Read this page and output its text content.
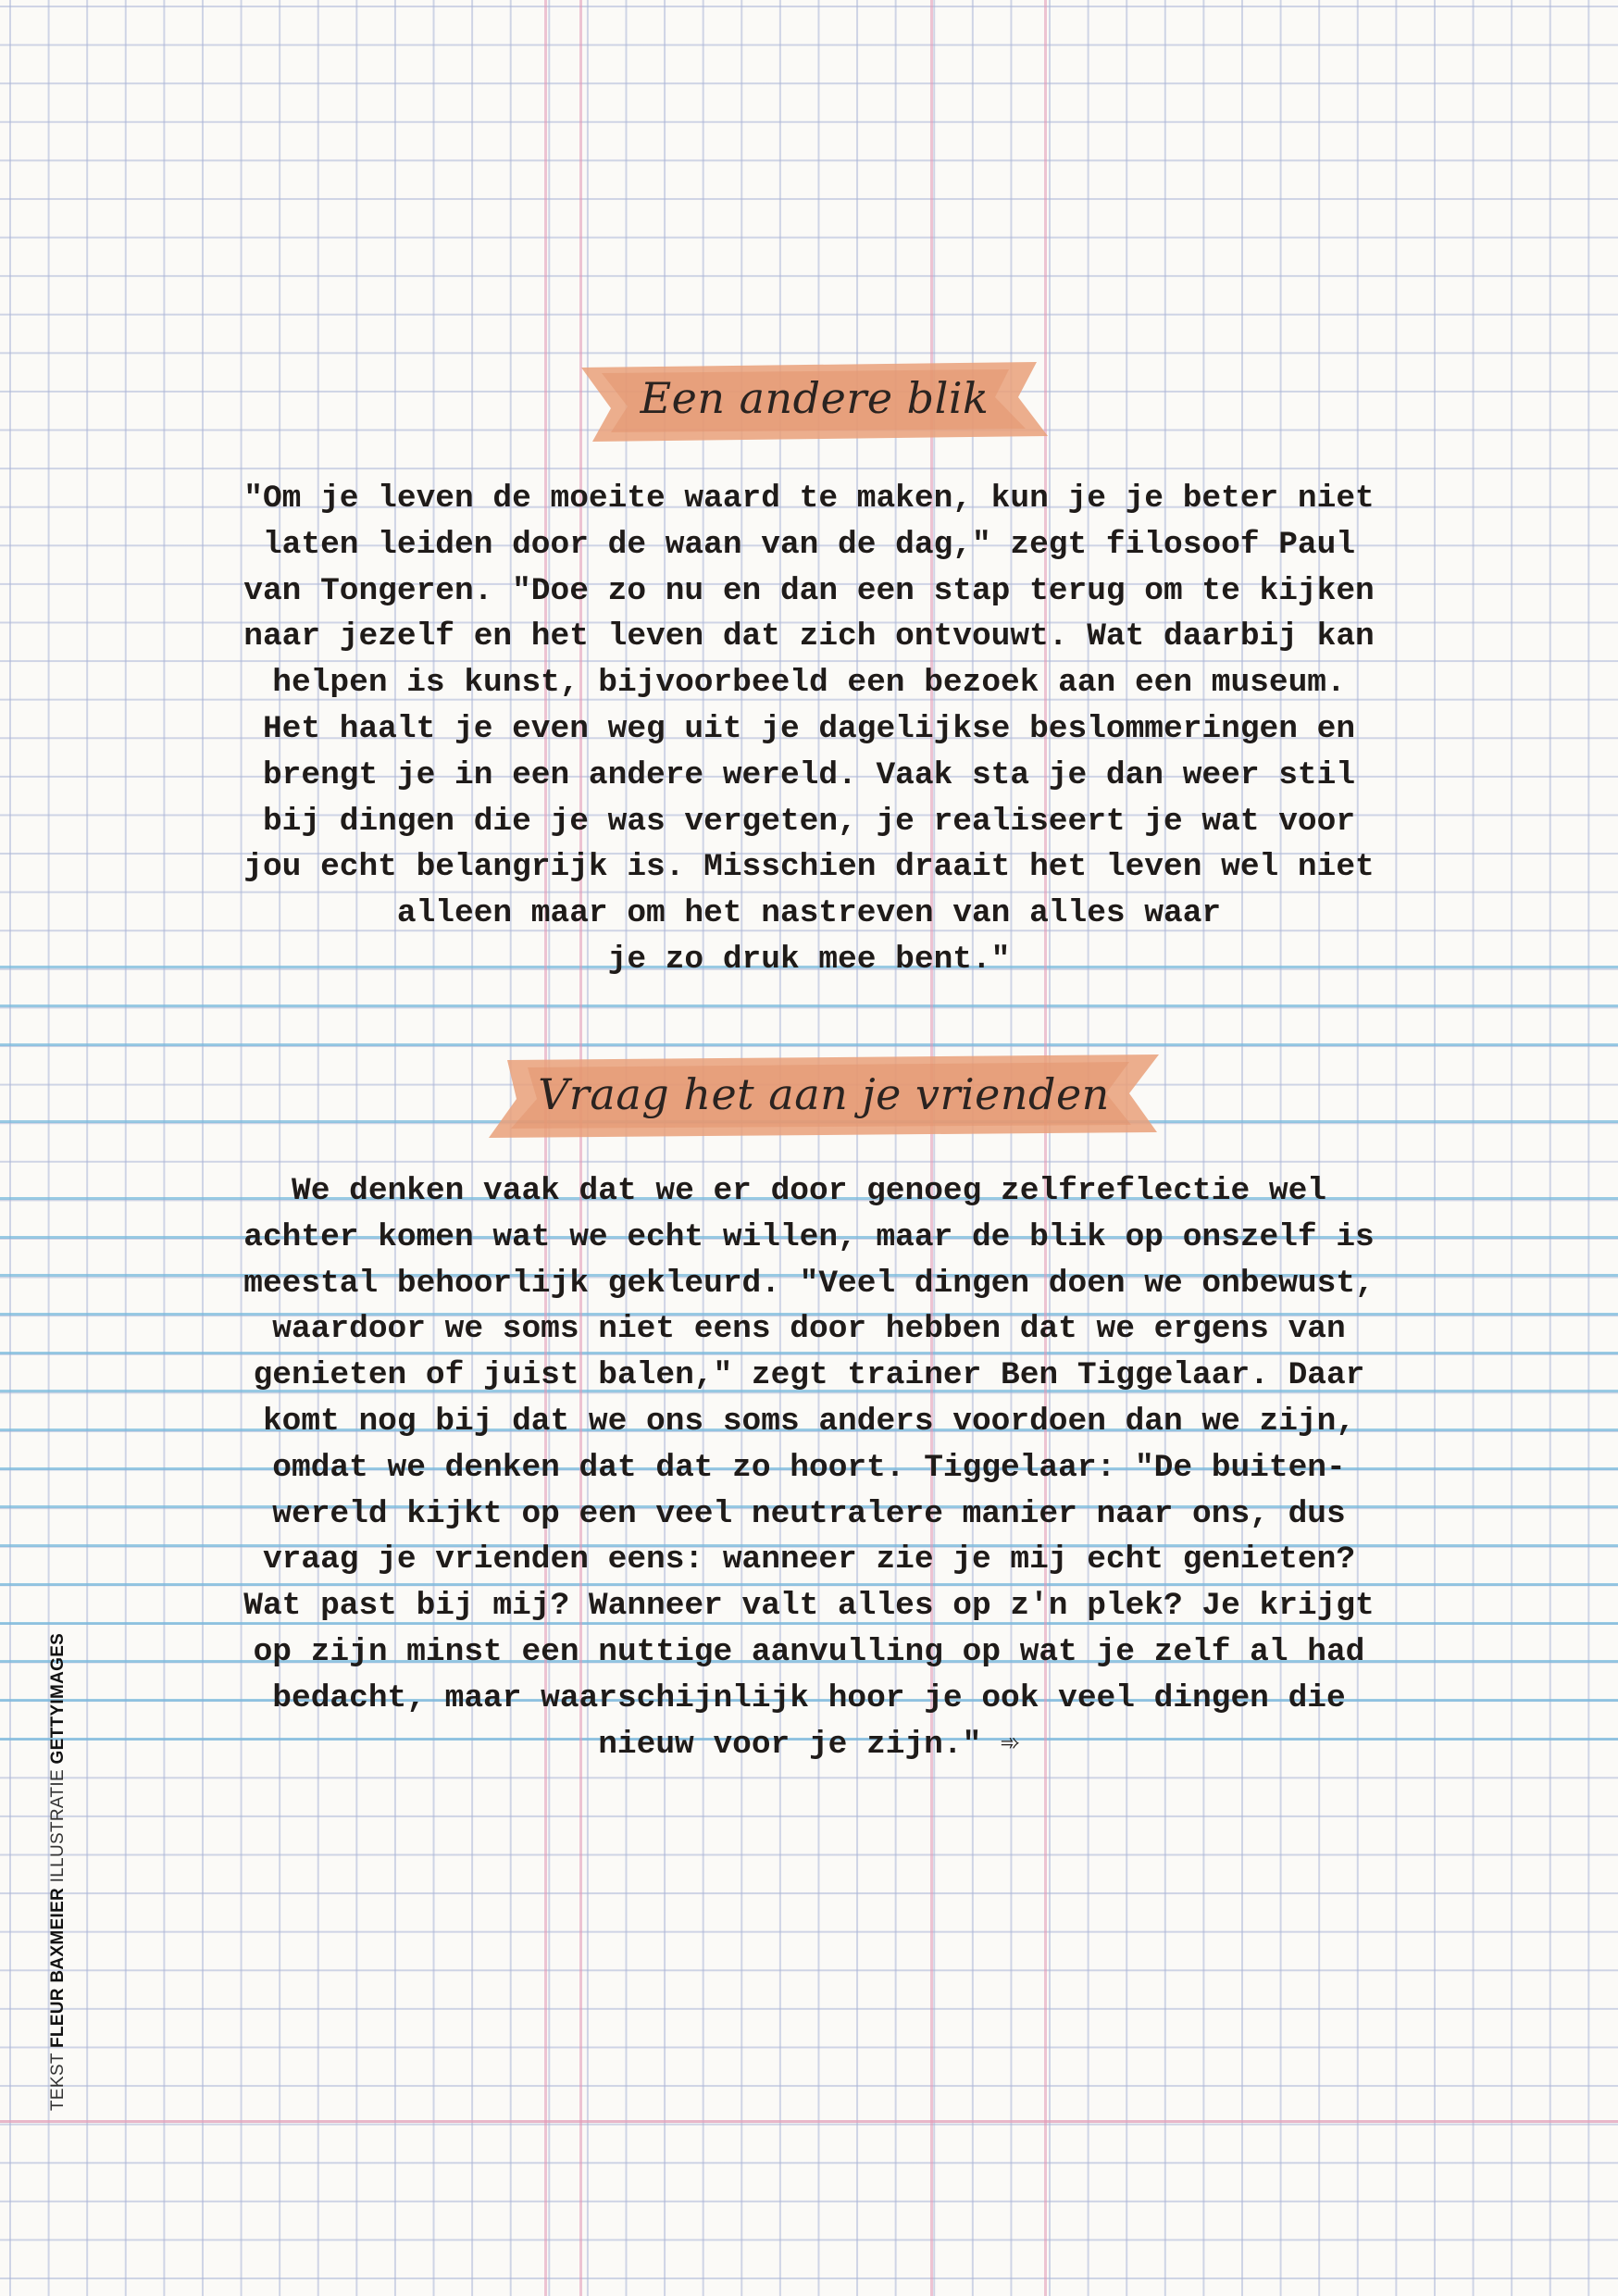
Een andere blik
"Om je leven de moeite waard te maken, kun je je beter niet
laten leiden door de waan van de dag," zegt filosoof Paul
van Tongeren. "Doe zo nu en dan een stap terug om te kijken
naar jezelf en het leven dat zich ontvouwt. Wat daarbij kan
helpen is kunst, bijvoorbeeld een bezoek aan een museum.
Het haalt je even weg uit je dagelijkse beslommeringen en
brengt je in een andere wereld. Vaak sta je dan weer stil
bij dingen die je was vergeten, je realiseert je wat voor
jou echt belangrijk is. Misschien draait het leven wel niet
alleen maar om het nastreven van alles waar
je zo druk mee bent."
Vraag het aan je vrienden
We denken vaak dat we er door genoeg zelfreflectie wel
achter komen wat we echt willen, maar de blik op onszelf is
meestal behoorlijk gekleurd. "Veel dingen doen we onbewust,
waardoor we soms niet eens door hebben dat we ergens van
genieten of juist balen," zegt trainer Ben Tiggelaar. Daar
komt nog bij dat we ons soms anders voordoen dan we zijn,
omdat we denken dat dat zo hoort. Tiggelaar: "De buiten-
wereld kijkt op een veel neutralere manier naar ons, dus
vraag je vrienden eens: wanneer zie je mij echt genieten?
Wat past bij mij? Wanneer valt alles op z'n plek? Je krijgt
op zijn minst een nuttige aanvulling op wat je zelf al had
bedacht, maar waarschijnlijk hoor je ook veel dingen die
nieuw voor je zijn." ➾
TEKST FLEUR BAXMEIER ILLUSTRATIE GETTYIMAGES
